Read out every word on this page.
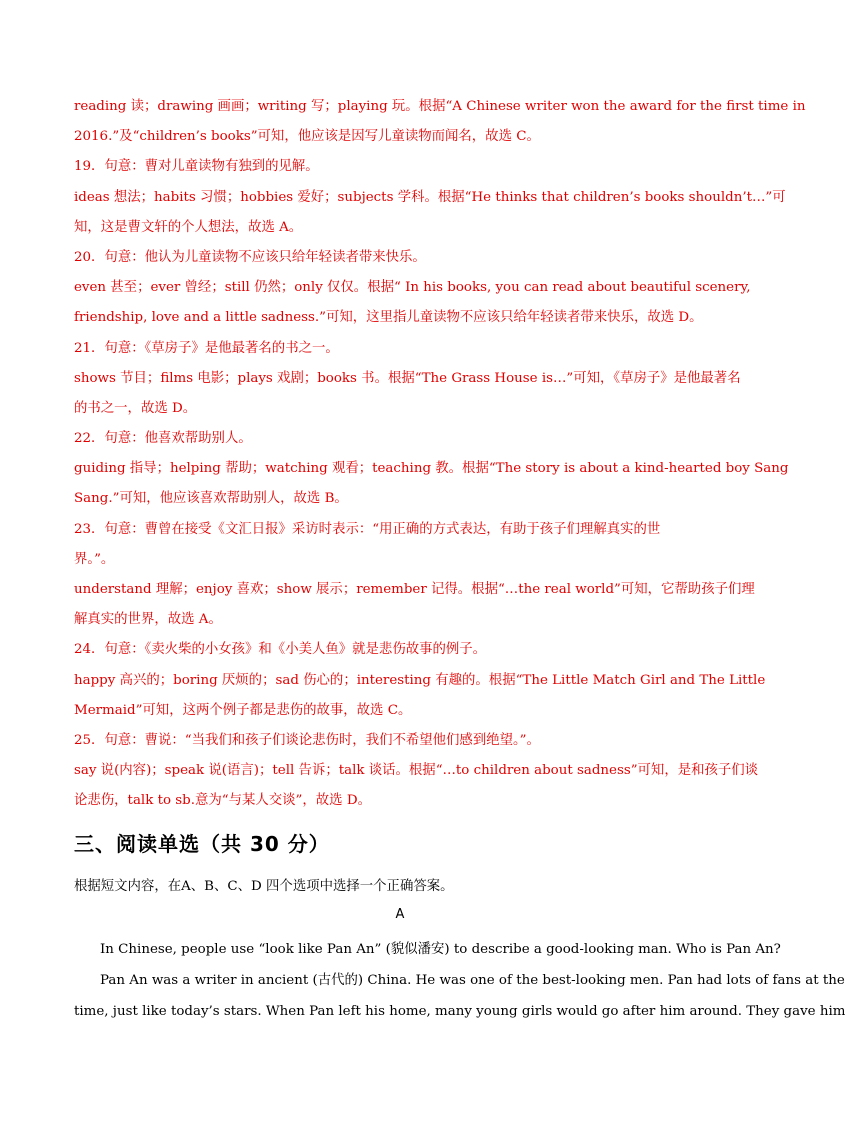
reading 读；drawing 画画；writing 写；playing 玩。根据“A Chinese writer won the award for the first time in
2016.”及“children’s books”可知，他应该是因写儿童读物而闻名，故选 C。
19．句意：曹对儿童读物有独到的见解。
ideas 想法；habits 习惯；hobbies 爱好；subjects 学科。根据“He thinks that children’s books shouldn’t…”可
知，这是曹文轩的个人想法，故选 A。
20．句意：他认为儿童读物不应该只给年轻读者带来快乐。
even 甚至；ever 曾经；still 仍然；only 仅仅。根据“ In his books, you can read about beautiful scenery,
friendship, love and a little sadness.”可知，这里指儿童读物不应该只给年轻读者带来快乐，故选 D。
21．句意：《草房子》是他最著名的书之一。
shows 节目；films 电影；plays 戏剧；books 书。根据“The Grass House is…”可知，《草房子》是他最著名
的书之一，故选 D。
22．句意：他喜欢帮助别人。
guiding 指导；helping 帮助；watching 观看；teaching 教。根据“The story is about a kind-hearted boy Sang
Sang.”可知，他应该喜欢帮助别人，故选 B。
23．句意：曹曾在接受《文汇日报》采访时表示：“用正确的方式表达，有助于孩子们理解真实的世
界。”。
understand 理解；enjoy 喜欢；show 展示；remember 记得。根据“…the real world”可知，它帮助孩子们理
解真实的世界，故选 A。
24．句意：《卖火柴的小女孩》和《小美人鱼》就是悲伤故事的例子。
happy 高兴的；boring 厌烦的；sad 伤心的；interesting 有趣的。根据“The Little Match Girl and The Little
Mermaid”可知，这两个例子都是悲伤的故事，故选 C。
25．句意：曹说：“当我们和孩子们谈论悲伤时，我们不希望他们感到绝望。”。
say 说(内容)；speak 说(语言)；tell 告诉；talk 谈话。根据“…to children about sadness”可知，是和孩子们谈
论悲伤，talk to sb.意为“与某人交谈”，故选 D。
三、阅读单选（共 30 分）
根据短文内容，在A、B、C、D 四个选项中选择一个正确答案。
A
In Chinese, people use “look like Pan An” (貌似潘安) to describe a good-looking man. Who is Pan An?
Pan An was a writer in ancient (古代的) China. He was one of the best-looking men. Pan had lots of fans at the
time, just like today’s stars. When Pan left his home, many young girls would go after him around. They gave him
